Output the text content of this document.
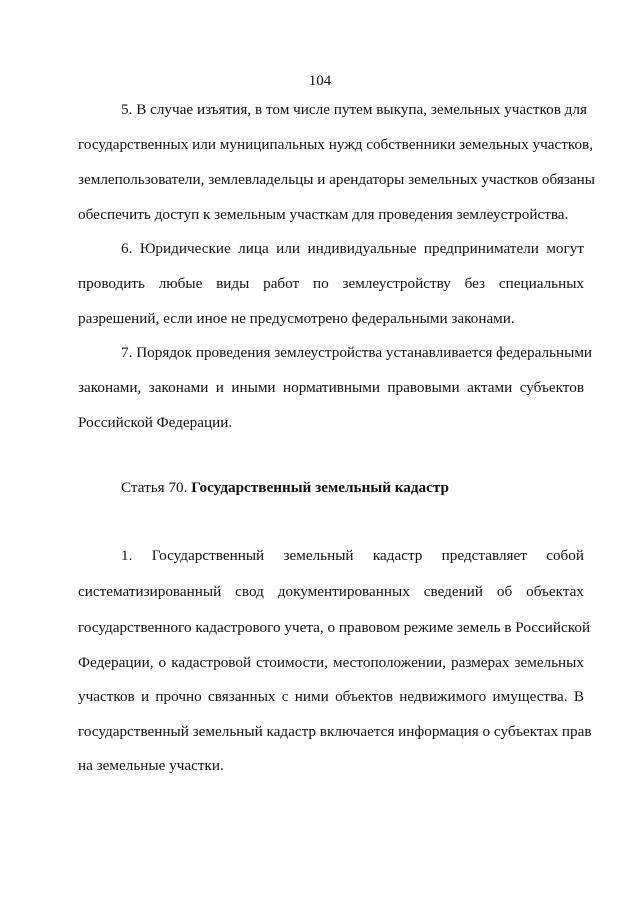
104
5. В случае изъятия, в том числе путем выкупа, земельных участков для
государственных или муниципальных нужд собственники земельных участков,
землепользователи, землевладельцы и арендаторы земельных участков обязаны
обеспечить доступ к земельным участкам для проведения землеустройства.
6. Юридические лица или индивидуальные предприниматели могут
проводить любые виды работ по землеустройству без специальных
разрешений, если иное не предусмотрено федеральными законами.
7. Порядок проведения землеустройства устанавливается федеральными
законами, законами и иными нормативными правовыми актами субъектов
Российской Федерации.
Статья 70. Государственный земельный кадастр
1. Государственный земельный кадастр представляет собой
систематизированный свод документированных сведений об объектах
государственного кадастрового учета, о правовом режиме земель в Российской
Федерации, о кадастровой стоимости, местоположении, размерах земельных
участков и прочно связанных с ними объектов недвижимого имущества. В
государственный земельный кадастр включается информация о субъектах прав
на земельные участки.
